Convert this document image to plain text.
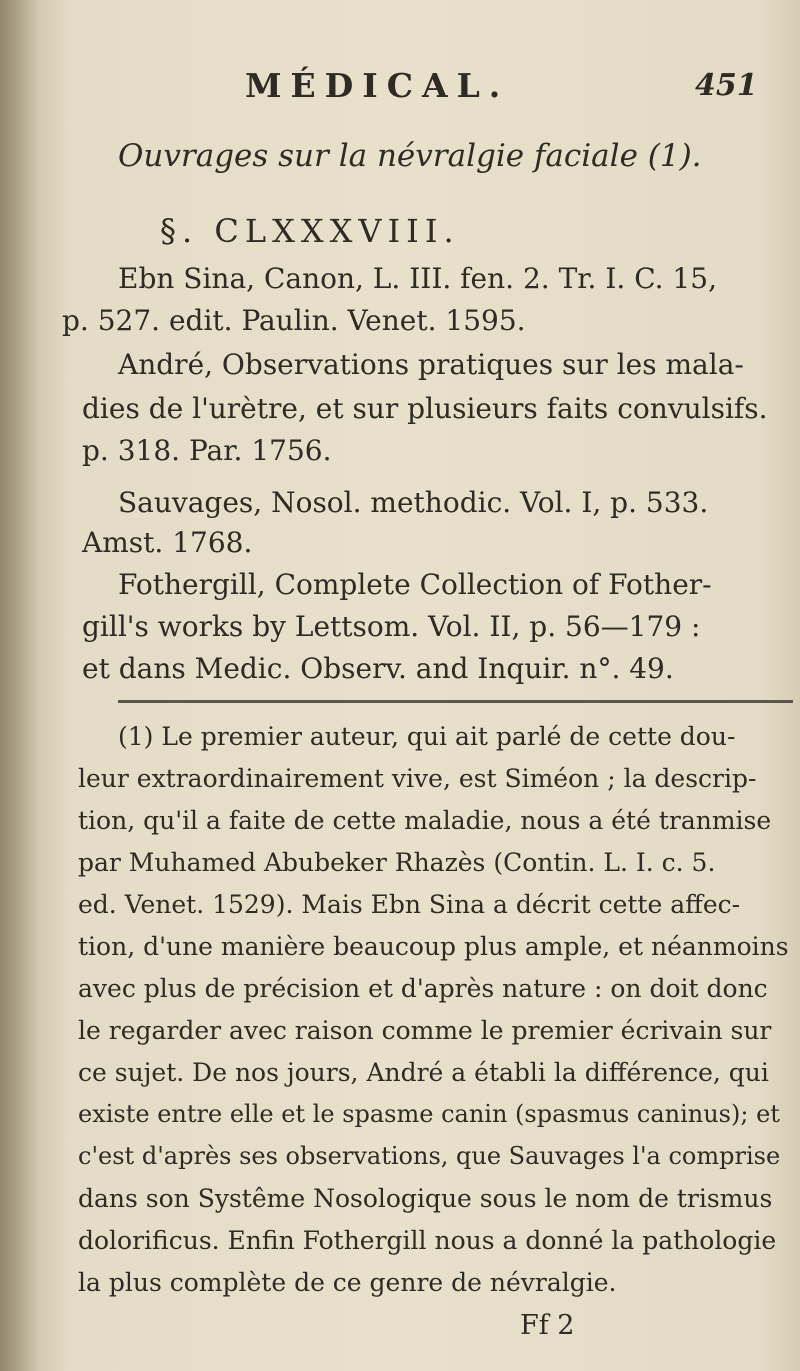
MÉDICAL.	451
Ouvrages sur la névralgie faciale (1).
§. CLXXXVIII.
Ebn Sina, Canon, L. III. fen. 2. Tr. I. C. 15,
p. 527. edit. Paulin. Venet. 1595.
André, Observations pratiques sur les mala-
dies de l'urètre, et sur plusieurs faits convulsifs.
p. 318. Par. 1756.
Sauvages, Nosol. methodic. Vol. I, p. 533.
Amst. 1768.
Fothergill, Complete Collection of Fother-
gill's works by Lettsom. Vol. II, p. 56—179 :
et dans Medic. Observ. and Inquir. n°. 49.
(1) Le premier auteur, qui ait parlé de cette dou-
leur extraordinairement vive, est Siméon ; la descrip-
tion, qu'il a faite de cette maladie, nous a été tranmise
par Muhamed Abubeker Rhazès (Contin. L. I. c. 5.
ed. Venet. 1529). Mais Ebn Sina a décrit cette affec-
tion, d'une manière beaucoup plus ample, et néanmoins
avec plus de précision et d'après nature : on doit donc
le regarder avec raison comme le premier écrivain sur
ce sujet. De nos jours, André a établi la différence, qui
existe entre elle et le spasme canin (spasmus caninus); et
c'est d'après ses observations, que Sauvages l'a comprise
dans son Systême Nosologique sous le nom de trismus
dolorificus. Enfin Fothergill nous a donné la pathologie
la plus complète de ce genre de névralgie.
Ff 2
